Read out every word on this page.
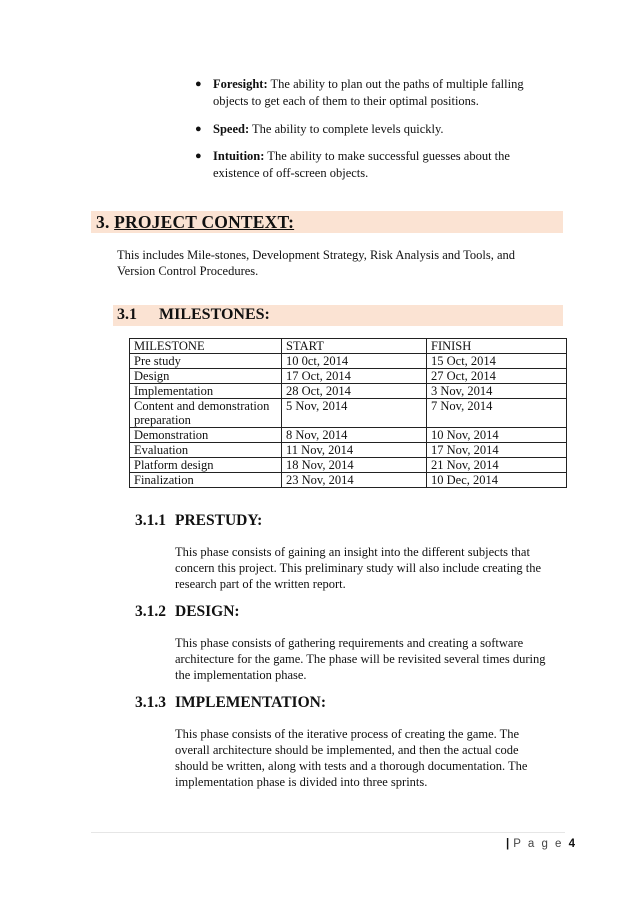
● Foresight: The ability to plan out the paths of multiple falling objects to get each of them to their optimal positions.
● Speed: The ability to complete levels quickly.
● Intuition: The ability to make successful guesses about the existence of off-screen objects.
3. PROJECT CONTEXT:
This includes Mile-stones, Development Strategy, Risk Analysis and Tools, and Version Control Procedures.
3.1 MILESTONES:
MILESTONE	START	FINISH
Pre study	10 0ct, 2014	15 Oct, 2014
Design	17 Oct, 2014	27 Oct, 2014
Implementation	28 Oct, 2014	3 Nov, 2014
Content and demonstration preparation	5 Nov, 2014	7 Nov, 2014
Demonstration	8 Nov, 2014	10 Nov, 2014
Evaluation	11 Nov, 2014	17 Nov, 2014
Platform design	18 Nov, 2014	21 Nov, 2014
Finalization	23 Nov, 2014	10 Dec, 2014
3.1.1 PRESTUDY:
This phase consists of gaining an insight into the different subjects that concern this project. This preliminary study will also include creating the research part of the written report.
3.1.2 DESIGN:
This phase consists of gathering requirements and creating a software architecture for the game. The phase will be revisited several times during the implementation phase.
3.1.3 IMPLEMENTATION:
This phase consists of the iterative process of creating the game. The overall architecture should be implemented, and then the actual code should be written, along with tests and a thorough documentation. The implementation phase is divided into three sprints.
| P a g e 4
